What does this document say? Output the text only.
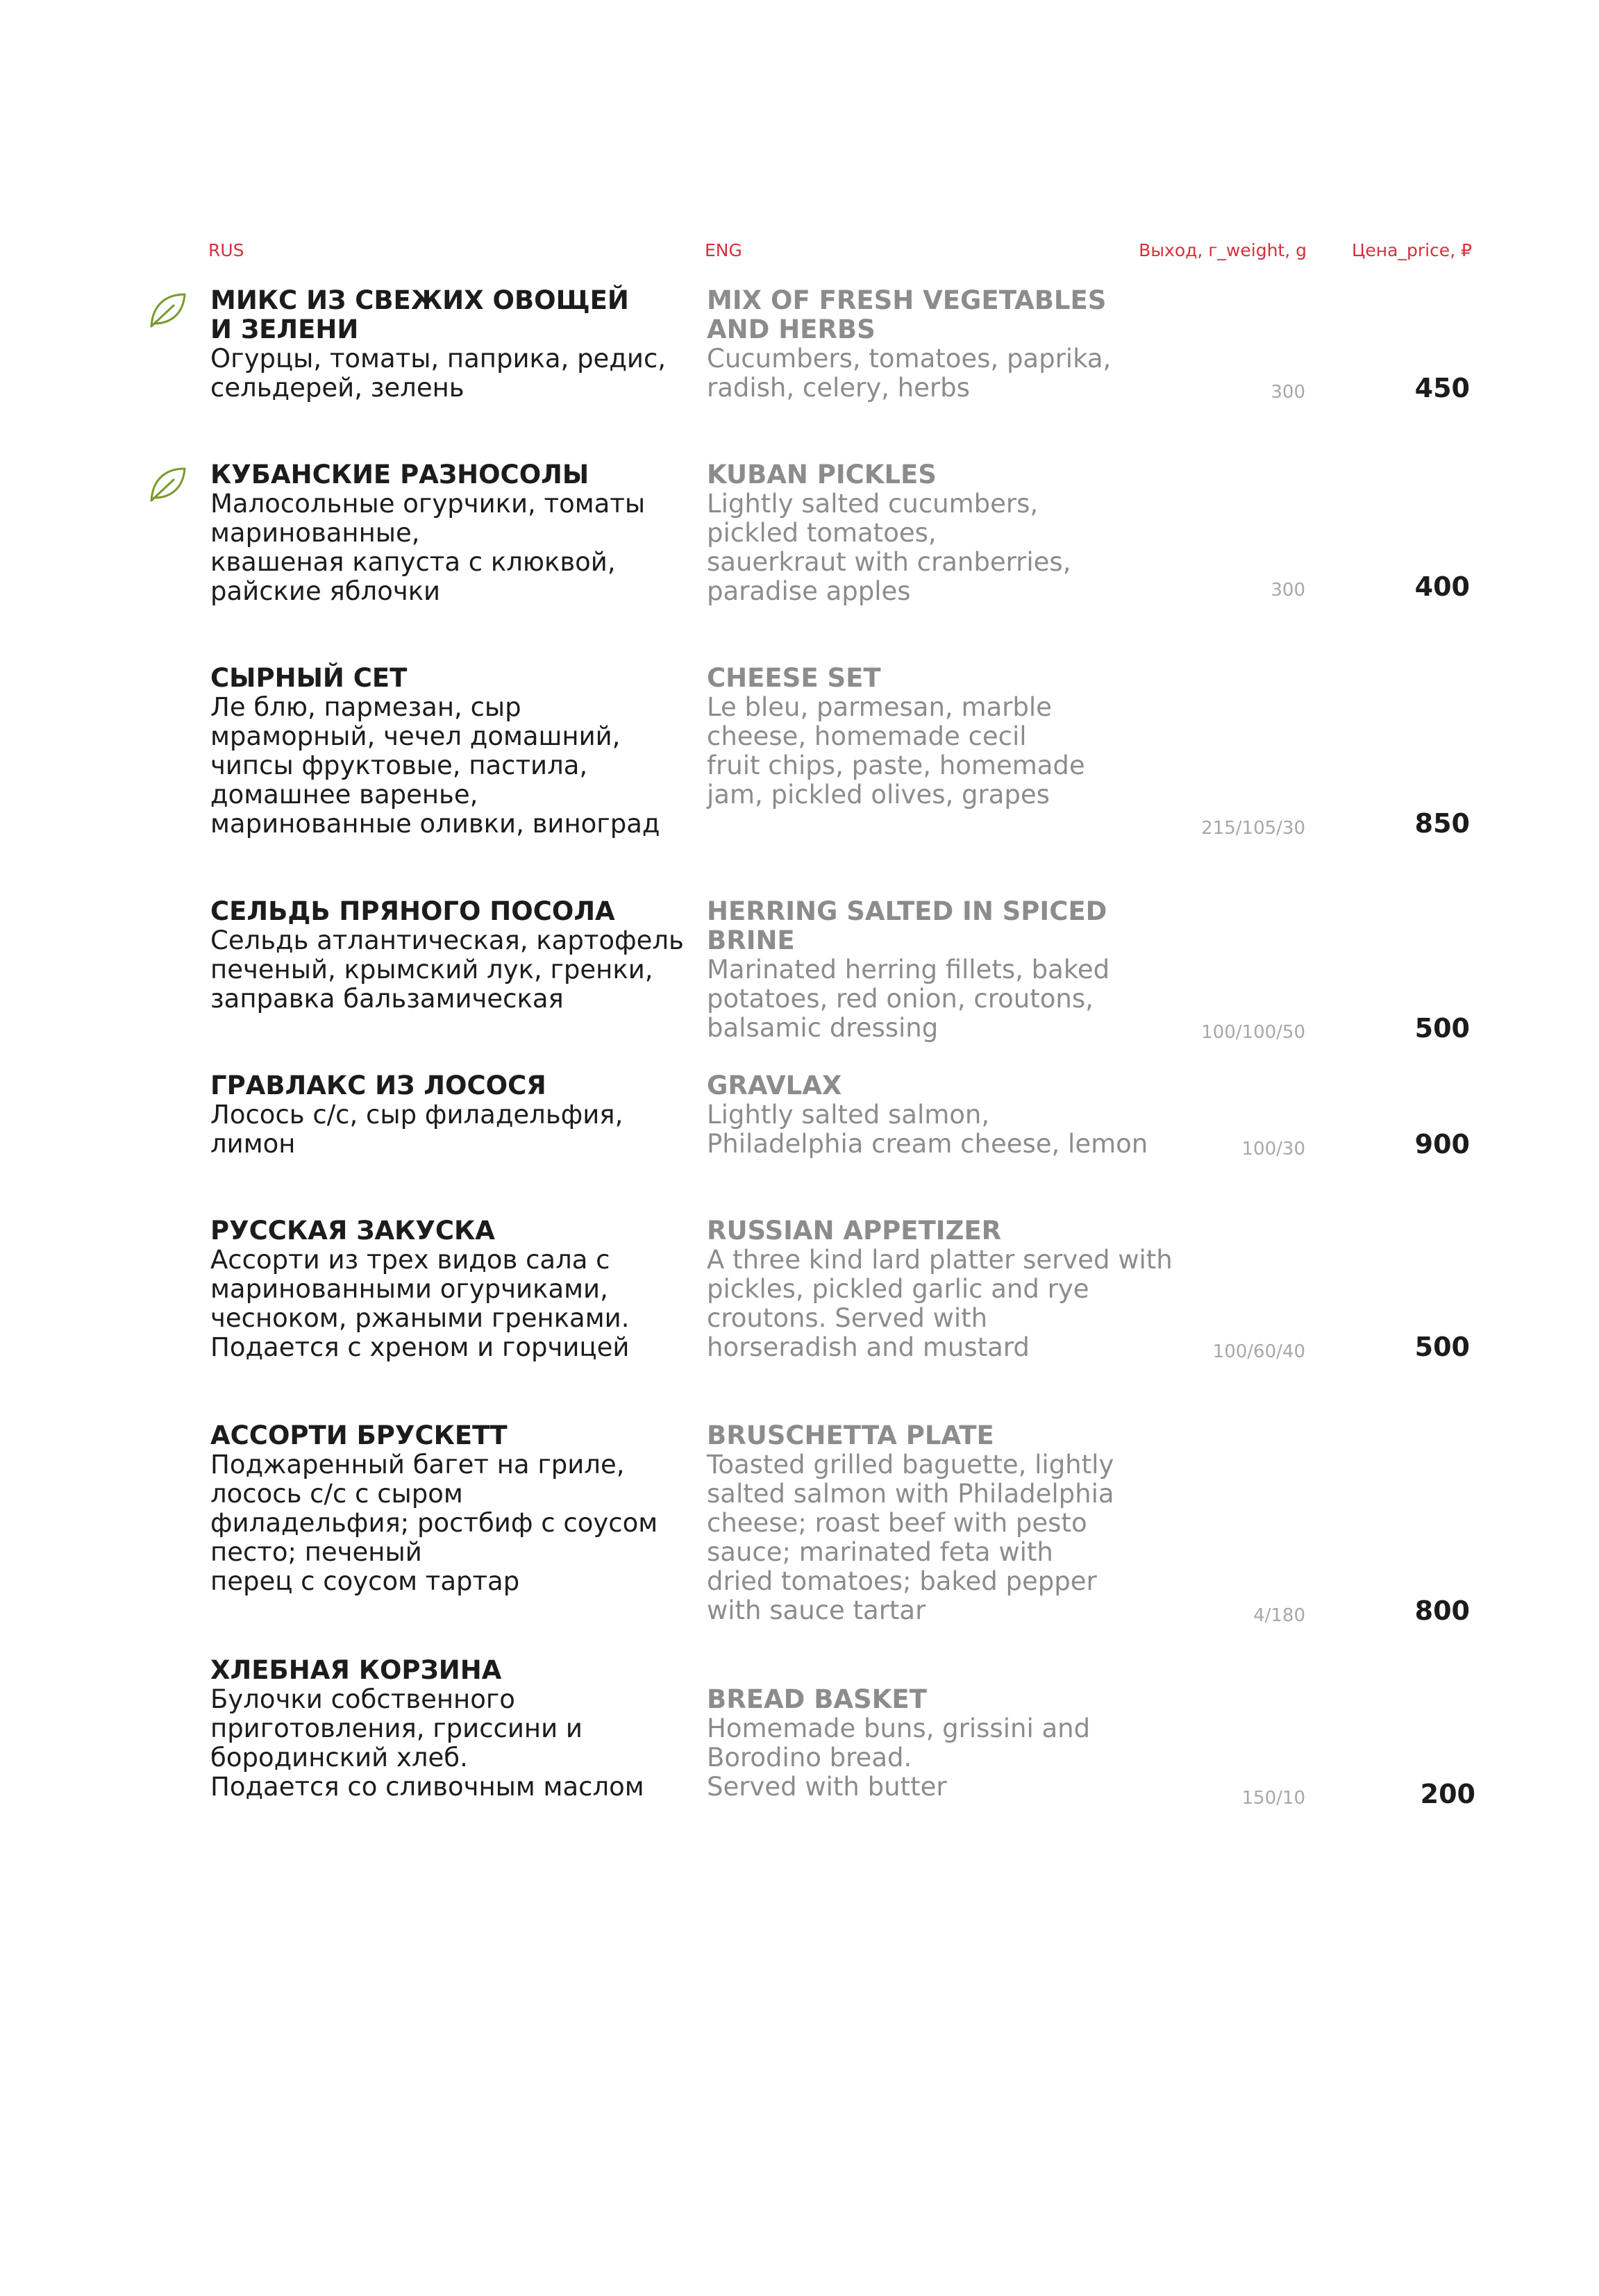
RUS	ENG	Выход, г_weight, g	Цена_price, ₽
МИКС ИЗ СВЕЖИХ ОВОЩЕЙ
И ЗЕЛЕНИ
Огурцы, томаты, паприка, редис,
сельдерей, зелень
MIX OF FRESH VEGETABLES
AND HERBS
Cucumbers, tomatoes, paprika,
radish, celery, herbs	300	450
КУБАНСКИЕ РАЗНОСОЛЫ
Малосольные огурчики, томаты
маринованные,
квашеная капуста с клюквой,
райские яблочки
KUBAN PICKLES
Lightly salted cucumbers,
pickled tomatoes,
sauerkraut with cranberries,
paradise apples	300	400
СЫРНЫЙ СЕТ
Ле блю, пармезан, сыр
мраморный, чечел домашний,
чипсы фруктовые, пастила,
домашнее варенье,
маринованные оливки, виноград
CHEESE SET
Le bleu, parmesan, marble
cheese, homemade cecil
fruit chips, paste, homemade
jam, pickled olives, grapes
215/105/30	850
СЕЛЬДЬ ПРЯНОГО ПОСОЛА
Сельдь атлантическая, картофель
печеный, крымский лук, гренки,
заправка бальзамическая
HERRING SALTED IN SPICED
BRINE
Marinated herring fillets, baked
potatoes, red onion, croutons,
balsamic dressing	100/100/50	500
ГРАВЛАКС ИЗ ЛОСОСЯ
Лосось с/с, сыр филадельфия,
лимон
GRAVLAX
Lightly salted salmon,
Philadelphia cream cheese, lemon	100/30	900
РУССКАЯ ЗАКУСКА
Ассорти из трех видов сала с
маринованными огурчиками,
чесноком, ржаными гренками.
Подается с хреном и горчицей
RUSSIAN APPETIZER
A three kind lard platter served with
pickles, pickled garlic and rye
croutons. Served with
horseradish and mustard	100/60/40	500
АССОРТИ БРУСКЕТТ
Поджаренный багет на гриле,
лосось с/с с сыром
филадельфия; ростбиф с соусом
песто; печеный
перец с соусом тартар
BRUSCHETTA PLATE
Toasted grilled baguette, lightly
salted salmon with Philadelphia
cheese; roast beef with pesto
sauce; marinated feta with
dried tomatoes; baked pepper
with sauce tartar	4/180	800
ХЛЕБНАЯ КОРЗИНА
Булочки собственного
приготовления, гриссини и
бородинский хлеб.
Подается со сливочным маслом
BREAD BASKET
Homemade buns, grissini and
Borodino bread.
Served with butter	150/10	200
